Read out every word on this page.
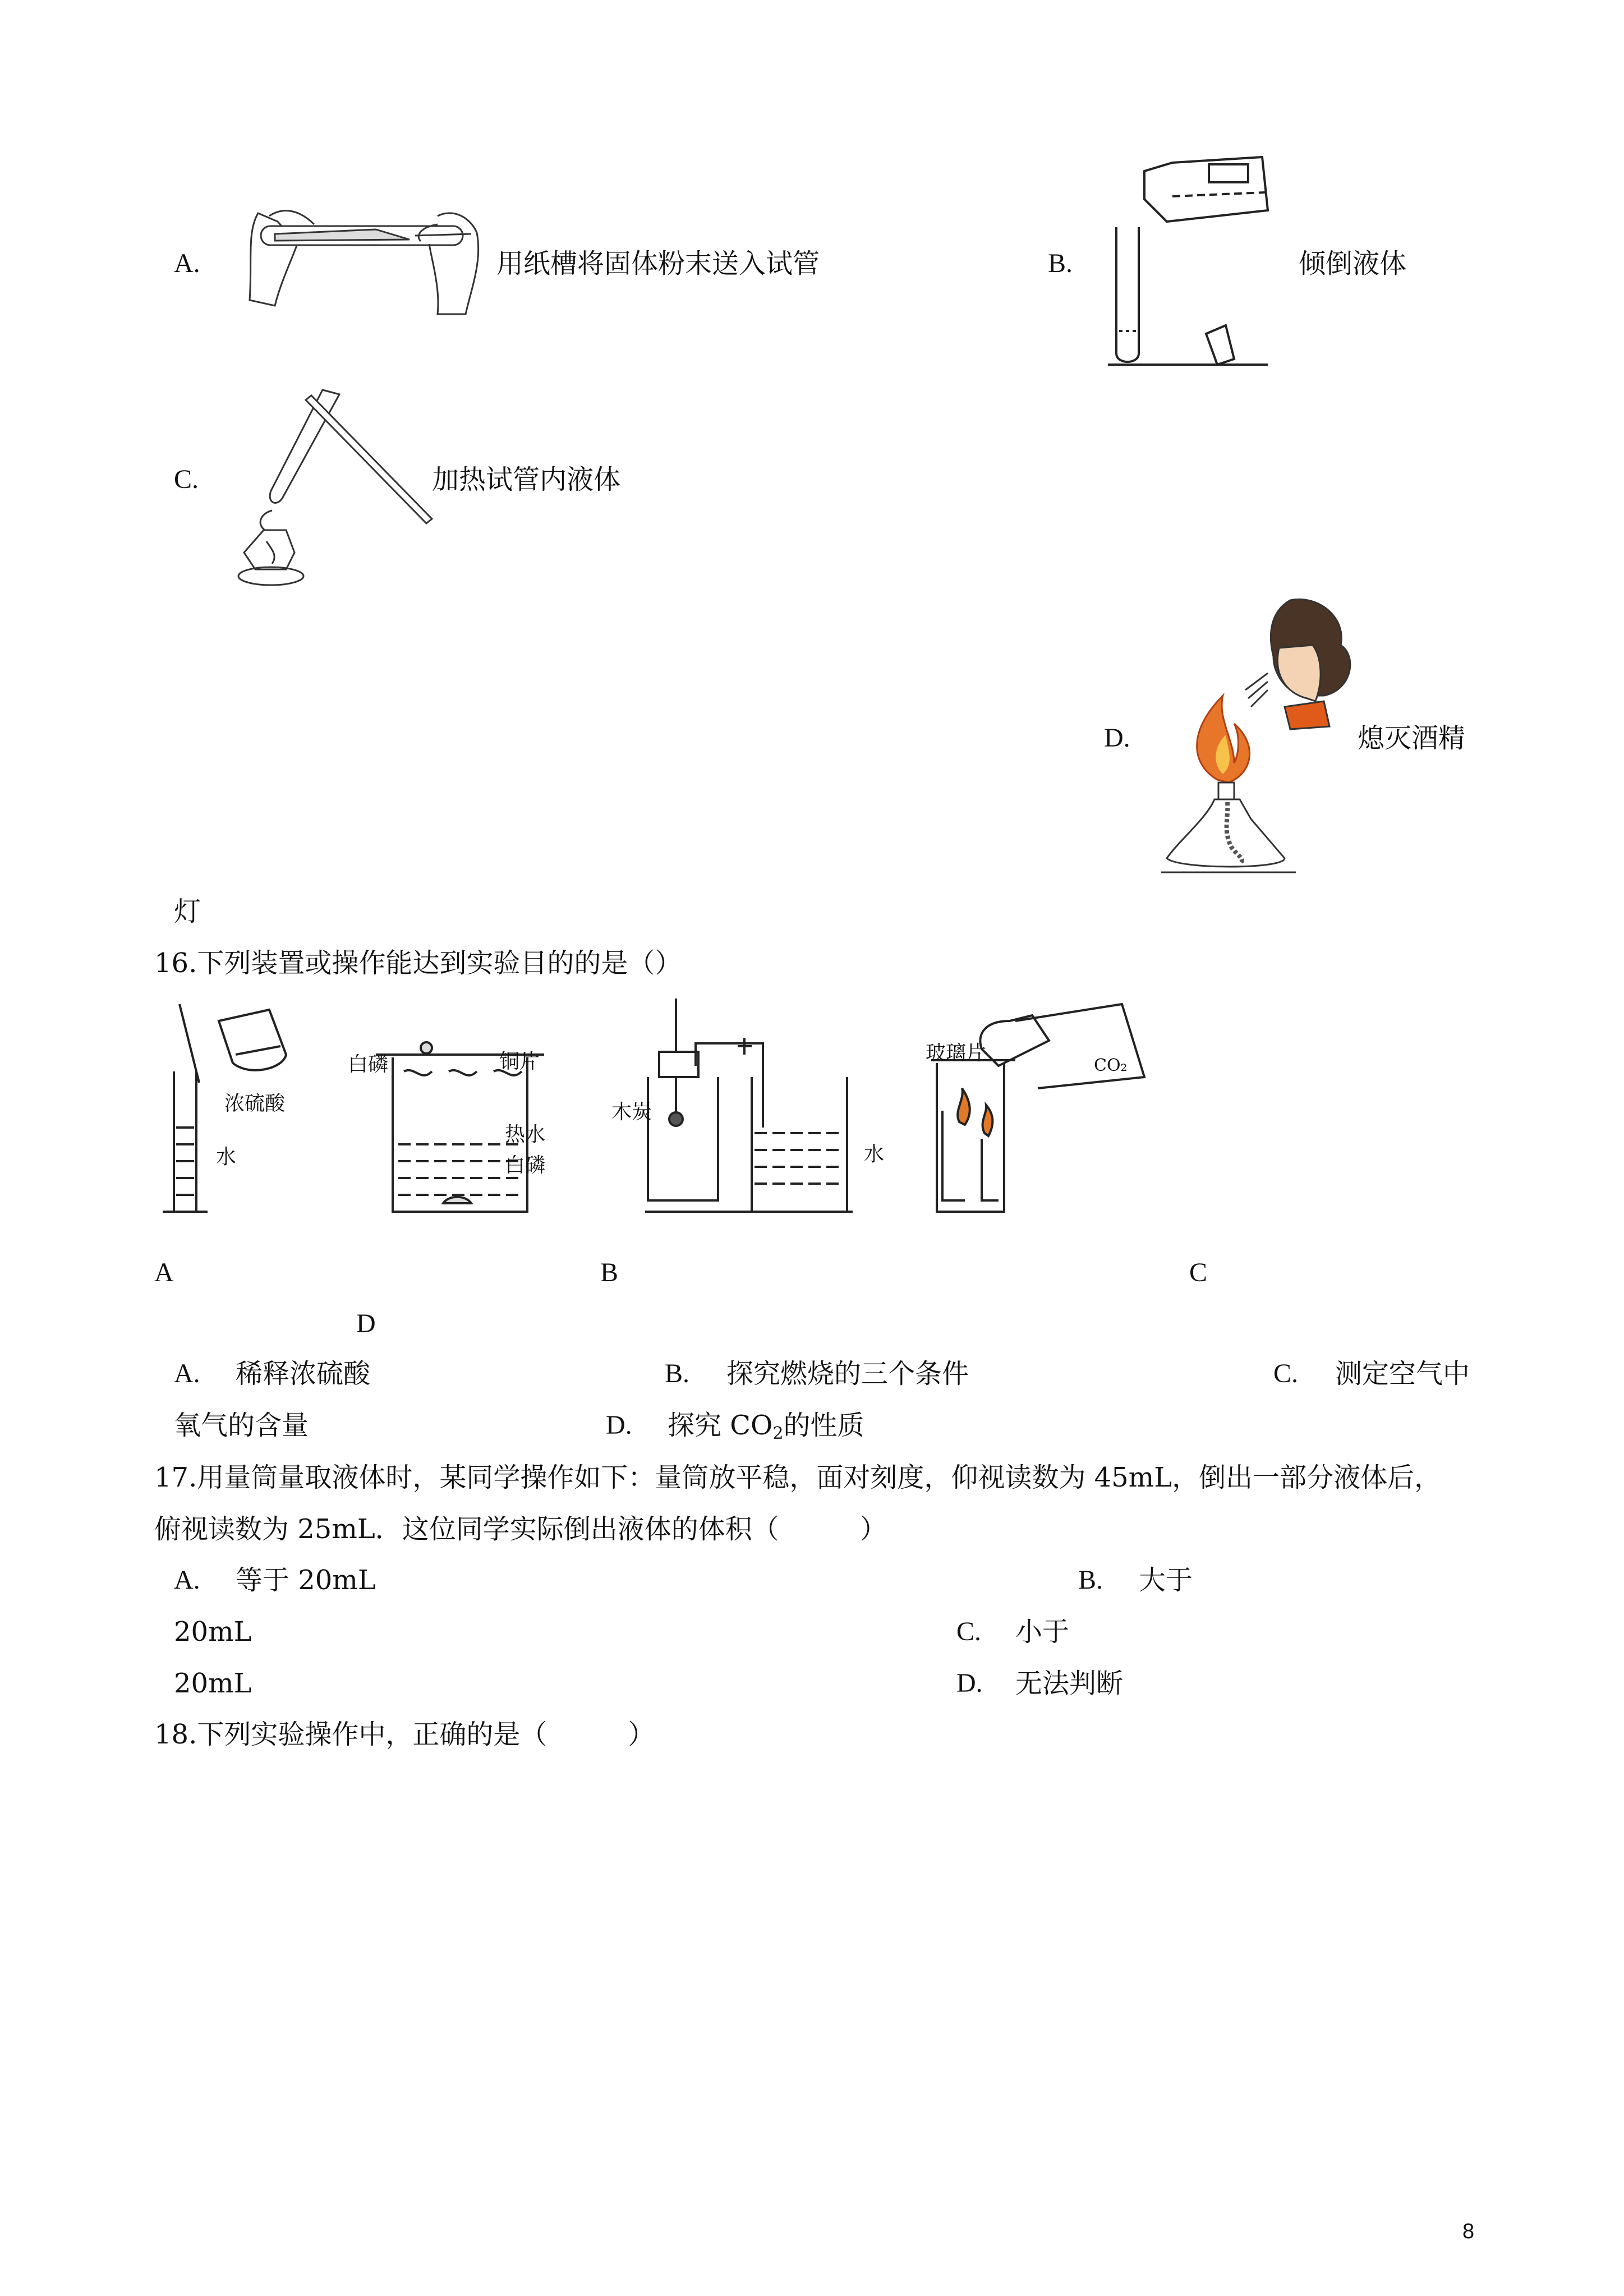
A.	用纸槽将固体粉末送入试管	B.	倾倒液体
C.	加热试管内液体
D.	熄灭酒精
灯
16.下列装置或操作能达到实验目的的是（）
浓硫酸
水
白磷	铜片
热水
白磷
木炭
水
玻璃片
CO₂
A	B	C
D
A. 稀释浓硫酸	B. 探究燃烧的三个条件	C. 测定空气中
氧气的含量	D. 探究 $CO_2$的性质
17.用量筒量取液体时，某同学操作如下：量筒放平稳，面对刻度，仰视读数为 45mL，倒出一部分液体后，
俯视读数为 25mL．这位同学实际倒出液体的体积（　　　）
A. 等于 20mL	B. 大于
20mL	C. 小于
20mL	D. 无法判断
18.下列实验操作中，正确的是（　　　）
8
